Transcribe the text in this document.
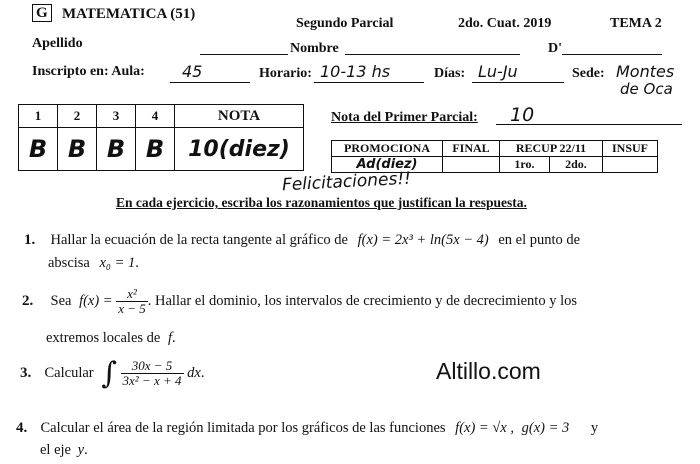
G MATEMATICA (51)
Segundo Parcial	2do. Cuat. 2019	TEMA 2
Apellido	Nombre	D'
Inscripto en: Aula: 45	Horario: 10-13 hs	Días: Lu-Ju	Sede: Montes
de Oca
1	2	3	4	NOTA
B	B	B	B	10(diez)
Nota del Primer Parcial: 10
PROMOCIONA	FINAL	RECUP 22/11		INSUF
Ad(diez)		1ro.	2do.	
Felicitaciones!!
En cada ejercicio, escriba los razonamientos que justifican la respuesta.
1. Hallar la ecuación de la recta tangente al gráfico de f(x) = 2x³ + ln(5x − 4) en el punto de
abscisa x₀ = 1.
2. Sea $f(x) = \frac{\text{x²}}{x - 5}$ . Hallar el dominio, los intervalos de crecimiento y de decrecimiento y los
extremos locales de f.
3. Calcular ∫ $\frac{30x - 5}{\text{3x² − x + 4}}$ dx.	Altillo.com
4. Calcular el área de la región limitada por los gráficos de las funciones f(x) = √x , g(x) = 3 y
el eje y.
